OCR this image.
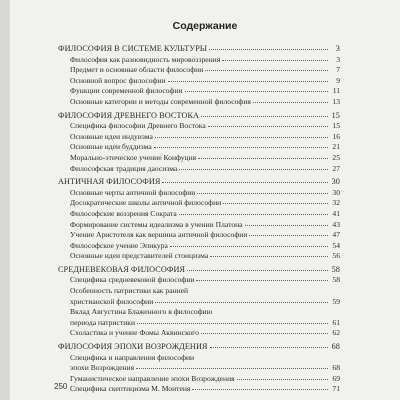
Содержание
ФИЛОСОФИЯ В СИСТЕМЕ КУЛЬТУРЫ	3
Философия как разновидность мировоззрения	3
Предмет и основные области философии	7
Основной вопрос философии	9
Функции современной философии	11
Основные категории и методы современной философия	13
ФИЛОСОФИЯ ДРЕВНЕГО ВОСТОКА	15
Специфика философии Древнего Востока	15
Основные идеи индуизма	16
Основные идеи буддизма	21
Морально-этическое учение Конфуция	25
Философская традиция даосизма	27
АНТИЧНАЯ ФИЛОСОФИЯ	30
Основные черты античной философии	30
Досократические школы античной философии	32
Философские воззрения Сократа	41
Формирование системы идеализма в учении Платона	43
Учение Аристотеля как вершина античной философии	47
Философское учение Эпикура	54
Основные идеи представителей стоицизма	56
СРЕДНЕВЕКОВАЯ ФИЛОСОФИЯ	58
Специфика средневековой философии	58
Особенность патристики как ранней
христианской философии	59
Вклад Августина Блаженного в философию
периода патристики	61
Схоластика и учение Фомы Аквинского	62
ФИЛОСОФИЯ ЭПОХИ ВОЗРОЖДЕНИЯ	68
Специфика и направления философии
эпохи Возрождения	68
Гуманистическое направление эпохи Возрождения	69
Специфика скептицизма М. Монтеня	71
250
